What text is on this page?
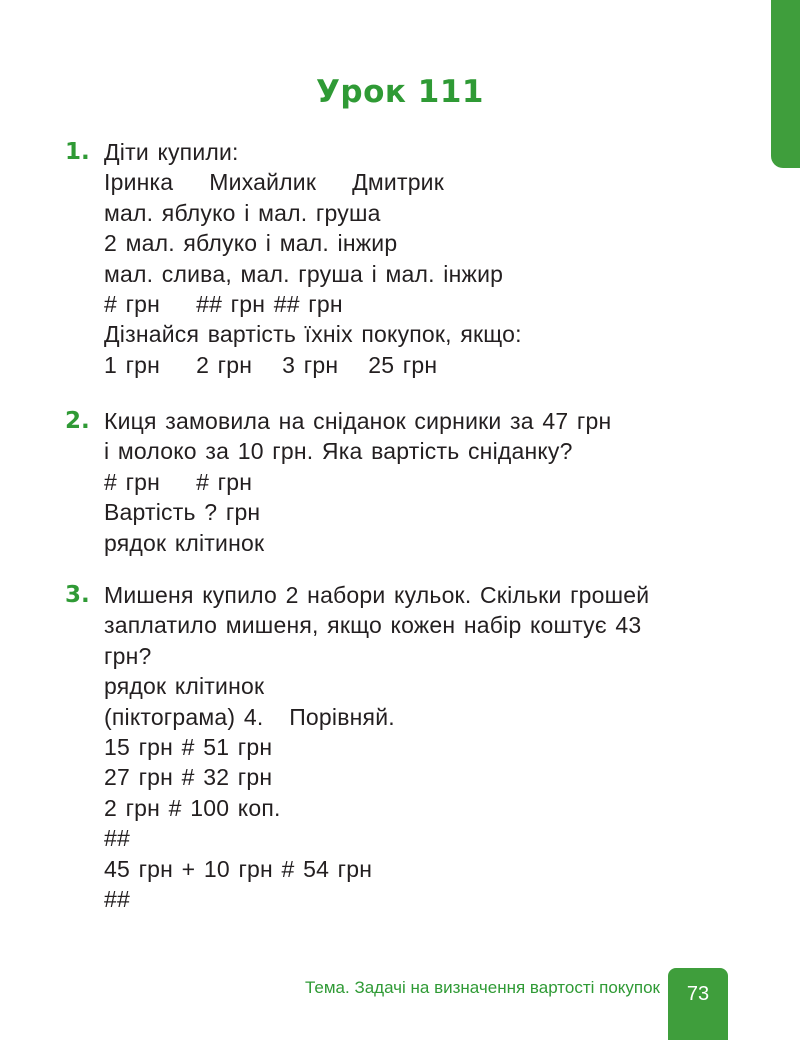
Урок 111
1. Діти купили:
Іринка Михайлик Дмитрик
мал. яблуко і мал. груша
2 мал. яблуко і мал. інжир
мал. слива, мал. груша і мал. інжир
# грн ## грн ## грн
Дізнайся вартість їхніх покупок, якщо:
1 грн 2 грн 3 грн 25 грн
2. Киця замовила на сніданок сирники за 47 грн
і молоко за 10 грн. Яка вартість сніданку?
# грн # грн
Вартість ? грн
рядок клітинок
3. Мишеня купило 2 набори кульок. Скільки грошей
заплатило мишеня, якщо кожен набір коштує 43
грн?
рядок клітинок
(піктограма) 4.   Порівняй.
15 грн # 51 грн
27 грн # 32 грн
2 грн # 100 коп.
##
45 грн + 10 грн # 54 грн
##
Тема. Задачі на визначення вартості покупок	73
